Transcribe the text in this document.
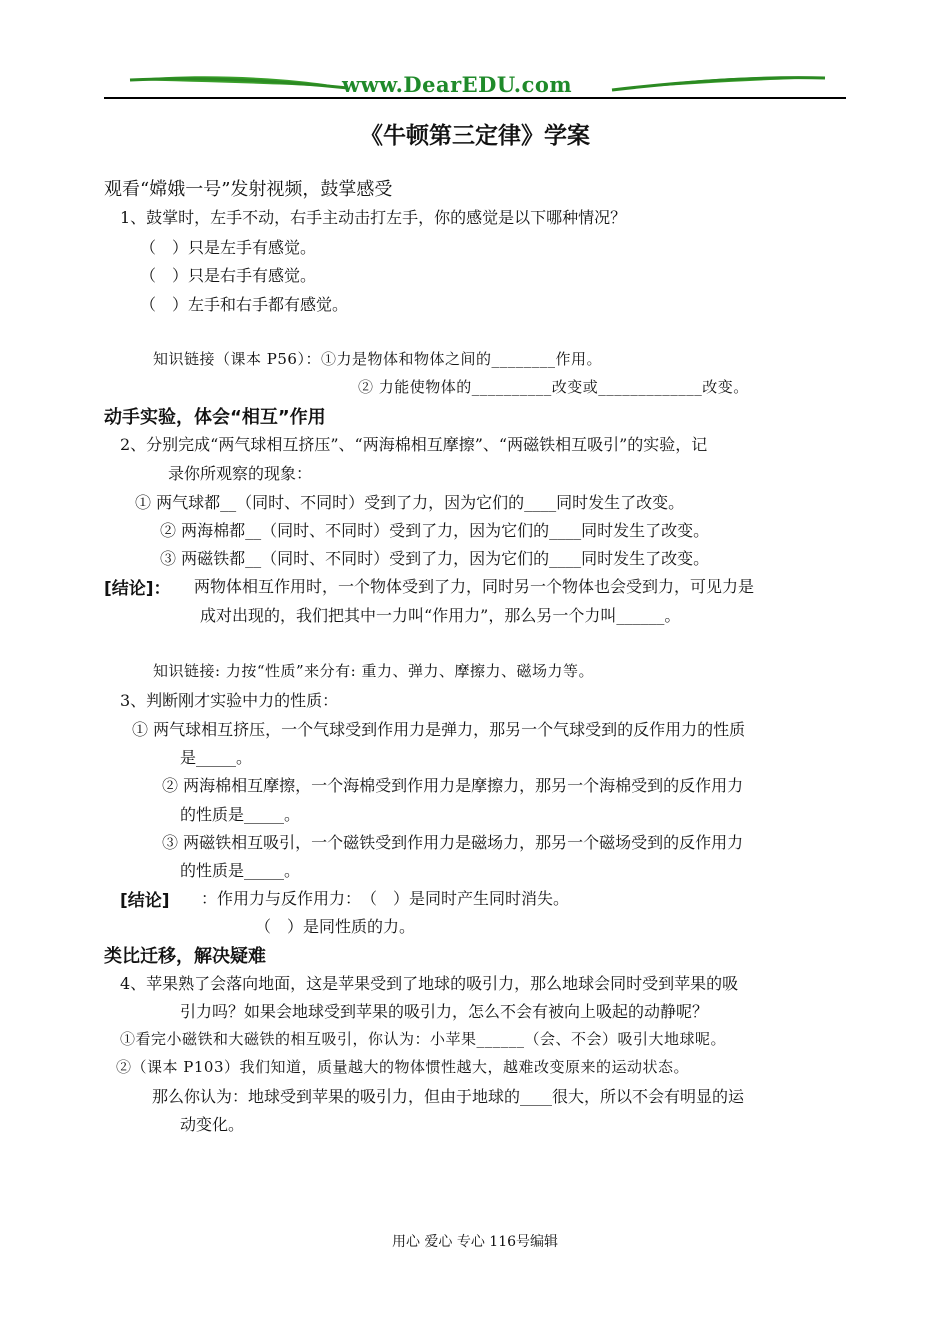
www.DearEDU.com
《牛顿第三定律》学案
观看“嫦娥一号”发射视频，鼓掌感受
1、鼓掌时，左手不动，右手主动击打左手，你的感觉是以下哪种情况？
（　）只是左手有感觉。
（　）只是右手有感觉。
（　）左手和右手都有感觉。
知识链接（课本 P56）：①力是物体和物体之间的________作用。
② 力能使物体的__________改变或_____________改变。
动手实验，体会“相互”作用
2、分别完成“两气球相互挤压”、“两海棉相互摩擦”、“两磁铁相互吸引”的实验，记
录你所观察的现象：
① 两气球都__（同时、不同时）受到了力，因为它们的____同时发生了改变。
② 两海棉都__（同时、不同时）受到了力，因为它们的____同时发生了改变。
③ 两磁铁都__（同时、不同时）受到了力，因为它们的____同时发生了改变。
[结论]： 两物体相互作用时，一个物体受到了力，同时另一个物体也会受到力，可见力是
成对出现的，我们把其中一力叫“作用力”，那么另一个力叫______。
知识链接: 力按“性质”来分有: 重力、弹力、摩擦力、磁场力等。
3、判断刚才实验中力的性质：
① 两气球相互挤压，一个气球受到作用力是弹力，那另一个气球受到的反作用力的性质
是_____。
② 两海棉相互摩擦，一个海棉受到作用力是摩擦力，那另一个海棉受到的反作用力
的性质是_____。
③ 两磁铁相互吸引，一个磁铁受到作用力是磁场力，那另一个磁场受到的反作用力
的性质是_____。
[结论] ：作用力与反作用力：　（　）是同时产生同时消失。
（　）是同性质的力。
类比迁移，解决疑难
4、苹果熟了会落向地面，这是苹果受到了地球的吸引力，那么地球会同时受到苹果的吸
引力吗？如果会地球受到苹果的吸引力，怎么不会有被向上吸起的动静呢？
①看完小磁铁和大磁铁的相互吸引，你认为：小苹果______（会、不会）吸引大地球呢。
②（课本 P103）我们知道，质量越大的物体惯性越大，越难改变原来的运动状态。
那么你认为：地球受到苹果的吸引力，但由于地球的____很大，所以不会有明显的运
动变化。
用心 爱心 专心 116号编辑
